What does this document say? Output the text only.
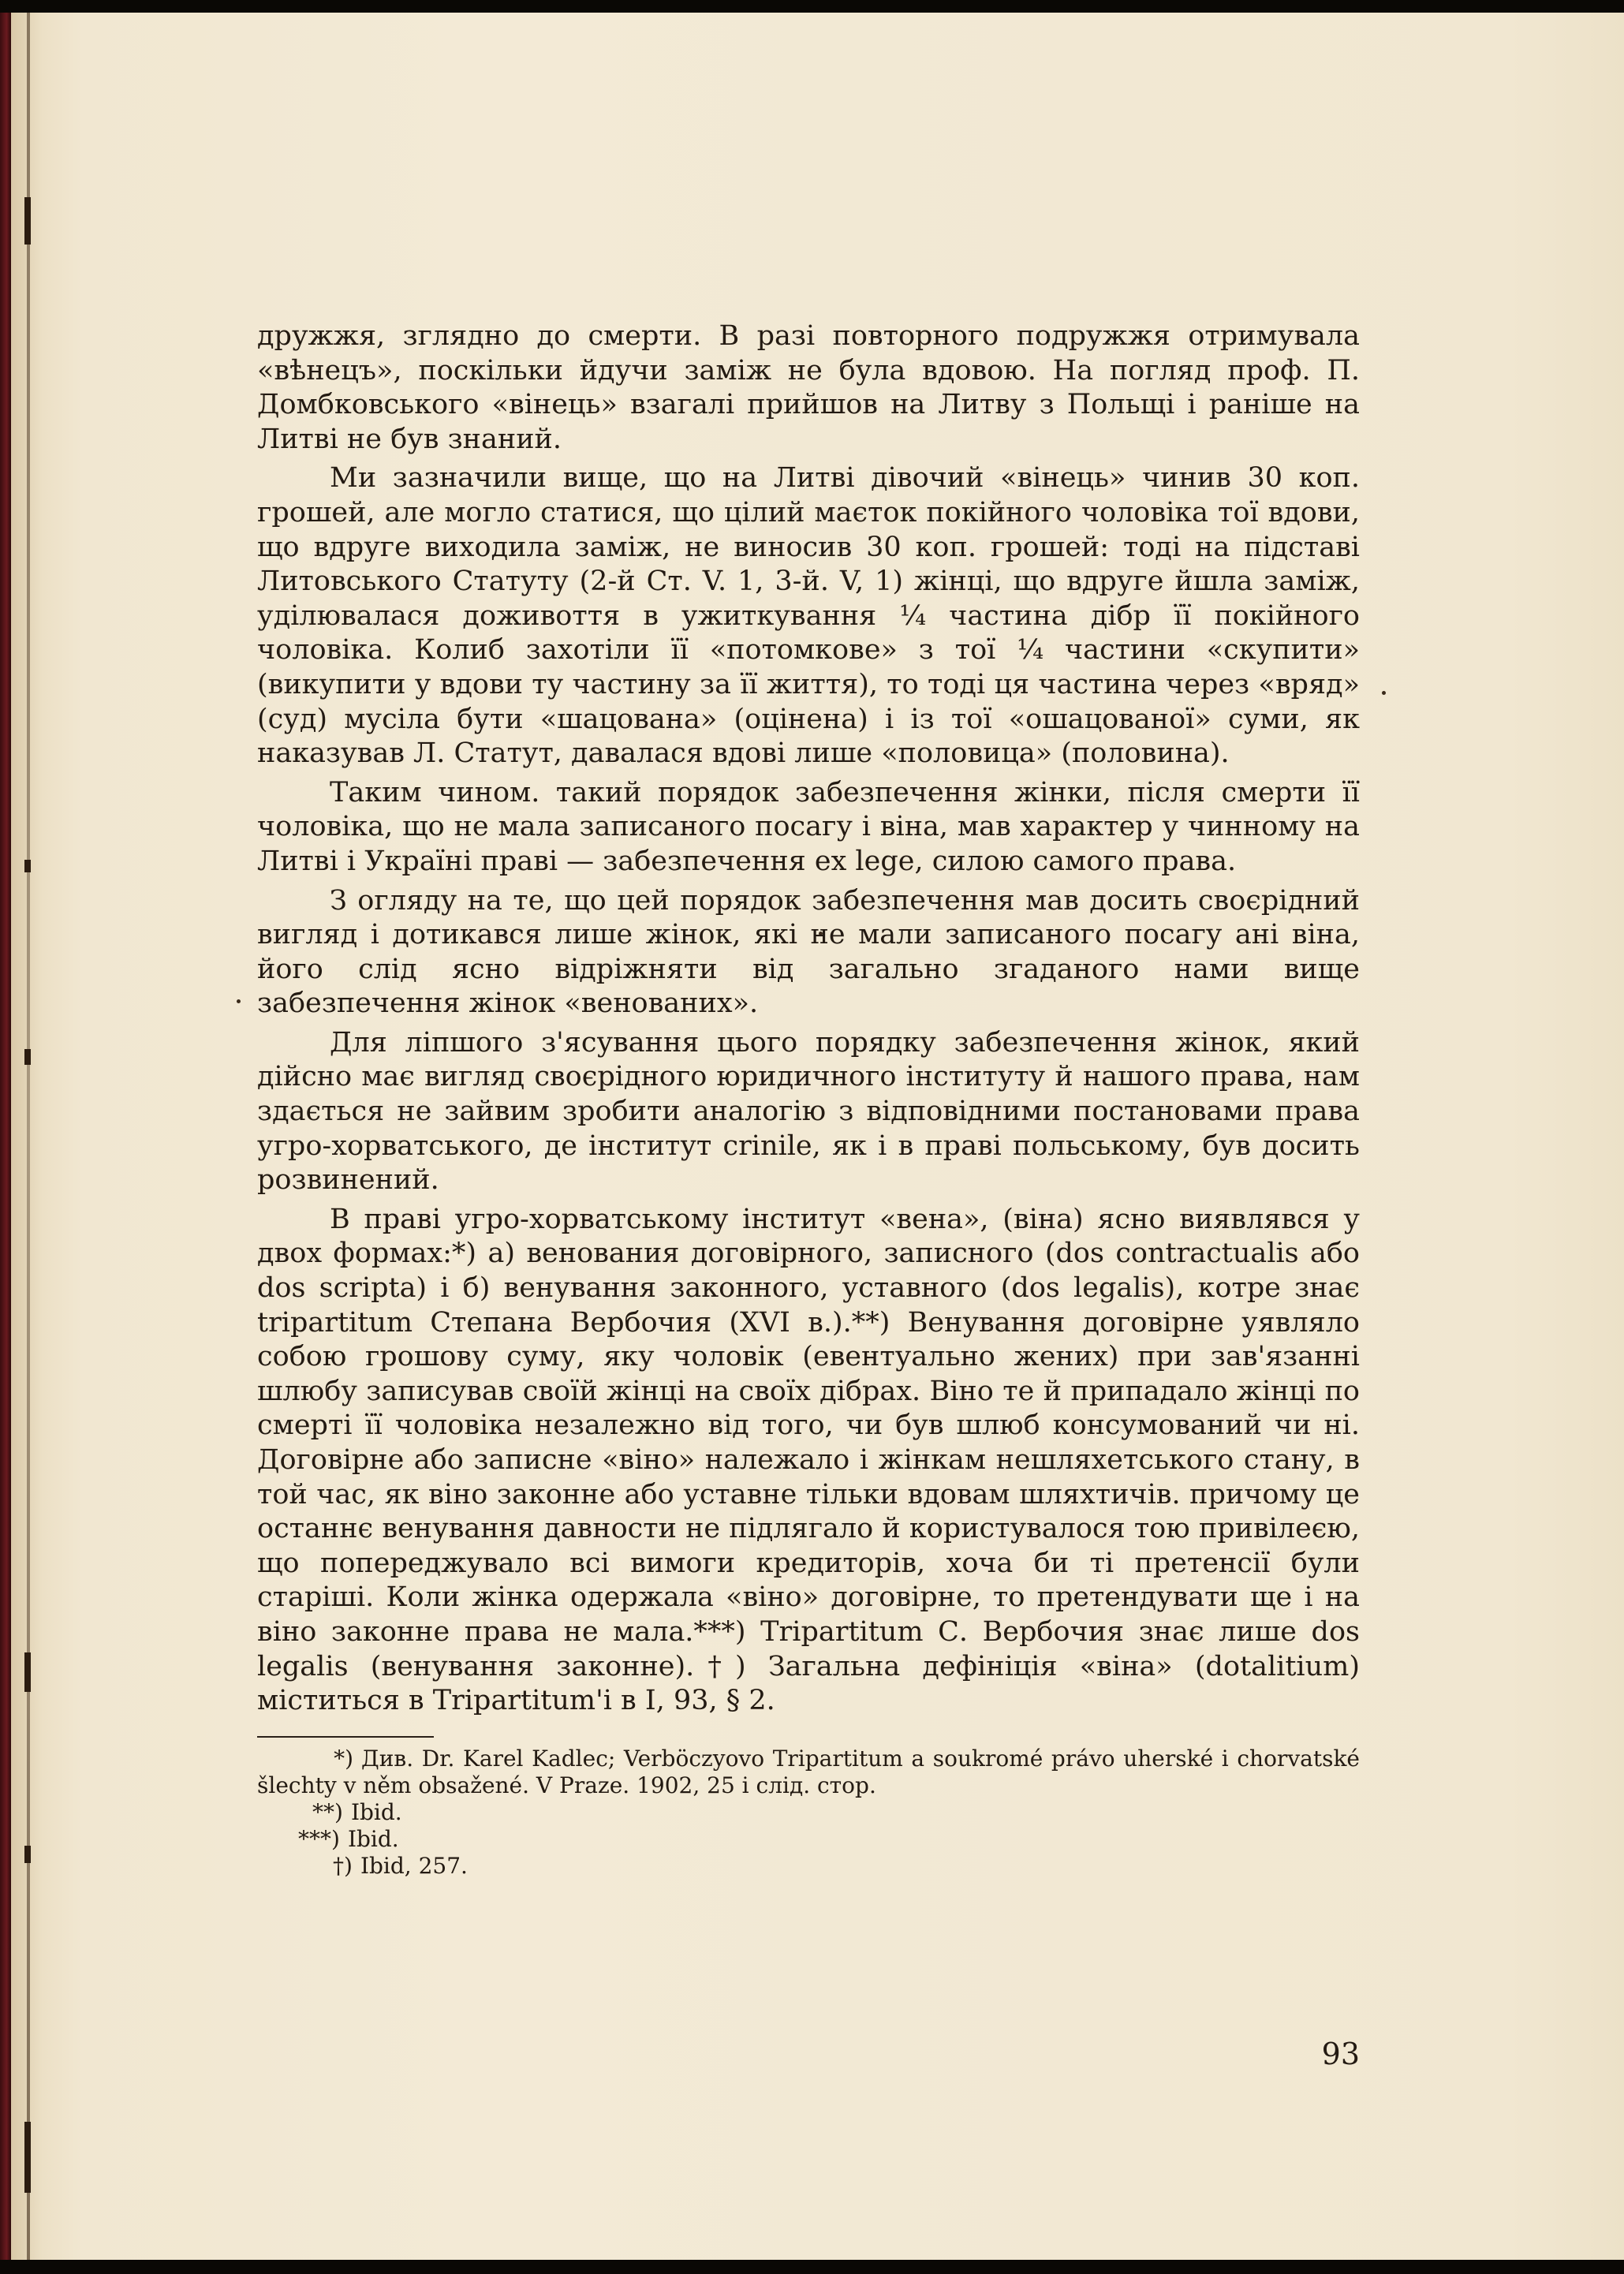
дружжя, зглядно до смерти. В разі повторного подружжя отримувала «вѣнецъ», поскільки йдучи заміж не була вдовою. На погляд проф. П. Домбковського «вінець» взагалі прийшов на Литву з Польщі і раніше на Литві не був знаний.

Ми зазначили вище, що на Литві дівочий «вінець» чинив 30 коп. грошей, але могло статися, що цілий маєток покійного чоловіка тої вдови, що вдруге виходила заміж, не виносив 30 коп. грошей: тоді на підставі Литовського Статуту (2-й Ст. V. 1, 3-й. V, 1) жінці, що вдруге йшла заміж, уділювалася доживоття в ужиткування ¼ частина дібр її покійного чоловіка. Колиб захотіли її «потомкове» з тої ¼ частини «скупити» (викупити у вдови ту частину за її життя), то тоді ця частина через «вряд» (суд) мусіла бути «шацована» (оцінена) і із тої «ошацованої» суми, як наказував Л. Статут, давалася вдові лише «половица» (половина).

Таким чином. такий порядок забезпечення жінки, після смерти її чоловіка, що не мала записаного посагу і віна, мав характер у чинному на Литві і Україні праві — забезпечення ex lege, силою самого права.

З огляду на те, що цей порядок забезпечення мав досить своєрідний вигляд і дотикався лише жінок, які не мали записаного посагу ані віна, його слід ясно відріжняти від загально згаданого нами вище забезпечення жінок «венованих».

Для ліпшого з'ясування цього порядку забезпечення жінок, який дійсно має вигляд своєрідного юридичного інституту й нашого права, нам здається не зайвим зробити аналогію з відповідними постановами права угро-хорватського, де інститут crinile, як і в праві польському, був досить розвинений.

В праві угро-хорватському інститут «вена», (віна) ясно виявлявся у двох формах:*) а) венования договірного, записного (dos contractualis або dos scripta) і б) венування законного, уставного (dos legalis), котре знає tripartitum Степана Вербочия (XVI в.).**) Венування договірне уявляло собою грошову суму, яку чоловік (евентуально жених) при зав'язанні шлюбу записував своїй жінці на своїх дібрах. Віно те й припадало жінці по смерті її чоловіка незалежно від того, чи був шлюб консумований чи ні. Договірне або записне «віно» належало і жінкам нешляхетського стану, в той час, як віно законне або уставне тільки вдовам шляхтичів. причому це останнє венування давности не підлягало й користувалося тою привілеєю, що попереджувало всі вимоги кредиторів, хоча би ті претенсії були старіші. Коли жінка одержала «віно» договірне, то претендувати ще і на віно законне права не мала.***) Tripartitum С. Вербочия знає лише dos legalis (венування законне).†) Загальна дефініція «віна» (dotalitium) міститься в Tripartitum'і в I, 93, § 2.

*) Див. Dr. Karel Kadlec; Verböczyovo Tripartitum a soukromé právo uherské i chorvatské šlechty v něm obsažené. V Praze. 1902, 25 і слід. стор.
**) Ibid.
***) Ibid.
†) Ibid, 257.
93
